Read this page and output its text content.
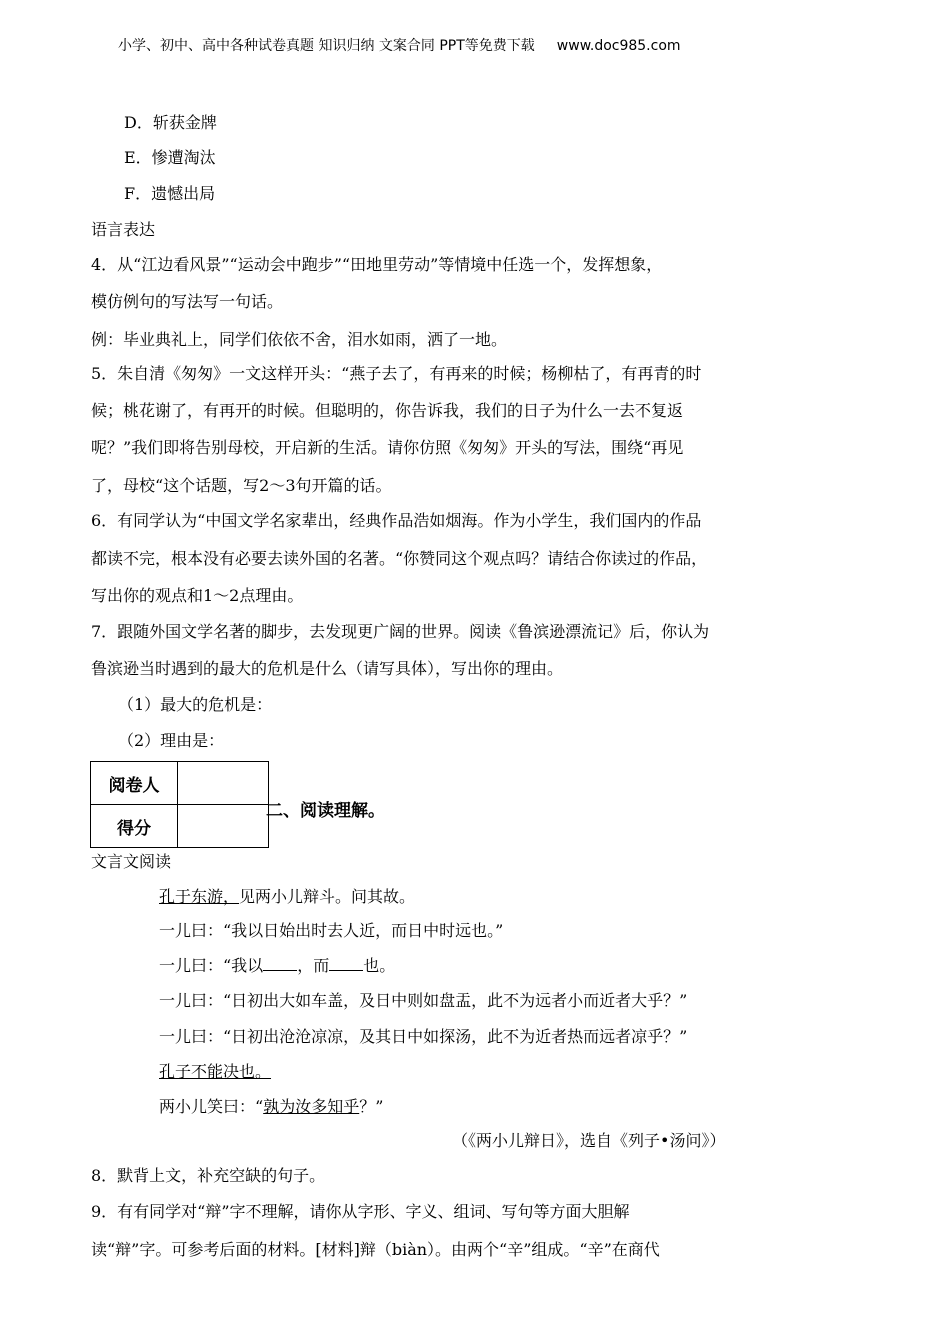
小学、初中、高中各种试卷真题 知识归纳 文案合同 PPT等免费下载 www.doc985.com
D．斩获金牌
E．惨遭淘汰
F．遗憾出局
语言表达
4．从“江边看风景”“运动会中跑步”“田地里劳动”等情境中任选一个，发挥想象，
模仿例句的写法写一句话。
例：毕业典礼上，同学们依依不舍，泪水如雨，洒了一地。
5．朱自清《匆匆》一文这样开头：“燕子去了，有再来的时候；杨柳枯了，有再青的时
候；桃花谢了，有再开的时候。但聪明的，你告诉我，我们的日子为什么一去不复返
呢？”我们即将告别母校，开启新的生活。请你仿照《匆匆》开头的写法，围绕“再见
了，母校“这个话题，写2～3句开篇的话。
6．有同学认为“中国文学名家辈出，经典作品浩如烟海。作为小学生，我们国内的作品
都读不完，根本没有必要去读外国的名著。“你赞同这个观点吗？请结合你读过的作品，
写出你的观点和1～2点理由。
7．跟随外国文学名著的脚步，去发现更广阔的世界。阅读《鲁滨逊漂流记》后，你认为
鲁滨逊当时遇到的最大的危机是什么（请写具体），写出你的理由。
（1）最大的危机是：
（2）理由是：
阅卷人	
得分	
二、阅读理解。
文言文阅读
孔于东游，见两小儿辩斗。问其故。
一儿曰：“我以日始出时去人近，而日中时远也。”
一儿曰：“我以 ，而 也。
一儿曰：“日初出大如车盖，及日中则如盘盂，此不为远者小而近者大乎？”
一儿曰：“日初出沧沧凉凉，及其日中如探汤，此不为近者热而远者凉乎？”
孔子不能决也。
两小儿笑曰：“孰为汝多知乎？”
（《两小儿辩日》，选自《列子•汤问》）
8．默背上文，补充空缺的句子。
9．有有同学对“辩”字不理解，请你从字形、字义、组词、写句等方面大胆解
读“辩”字。可参考后面的材料。[材料]辩（biàn）。由两个“辛”组成。“辛”在商代
